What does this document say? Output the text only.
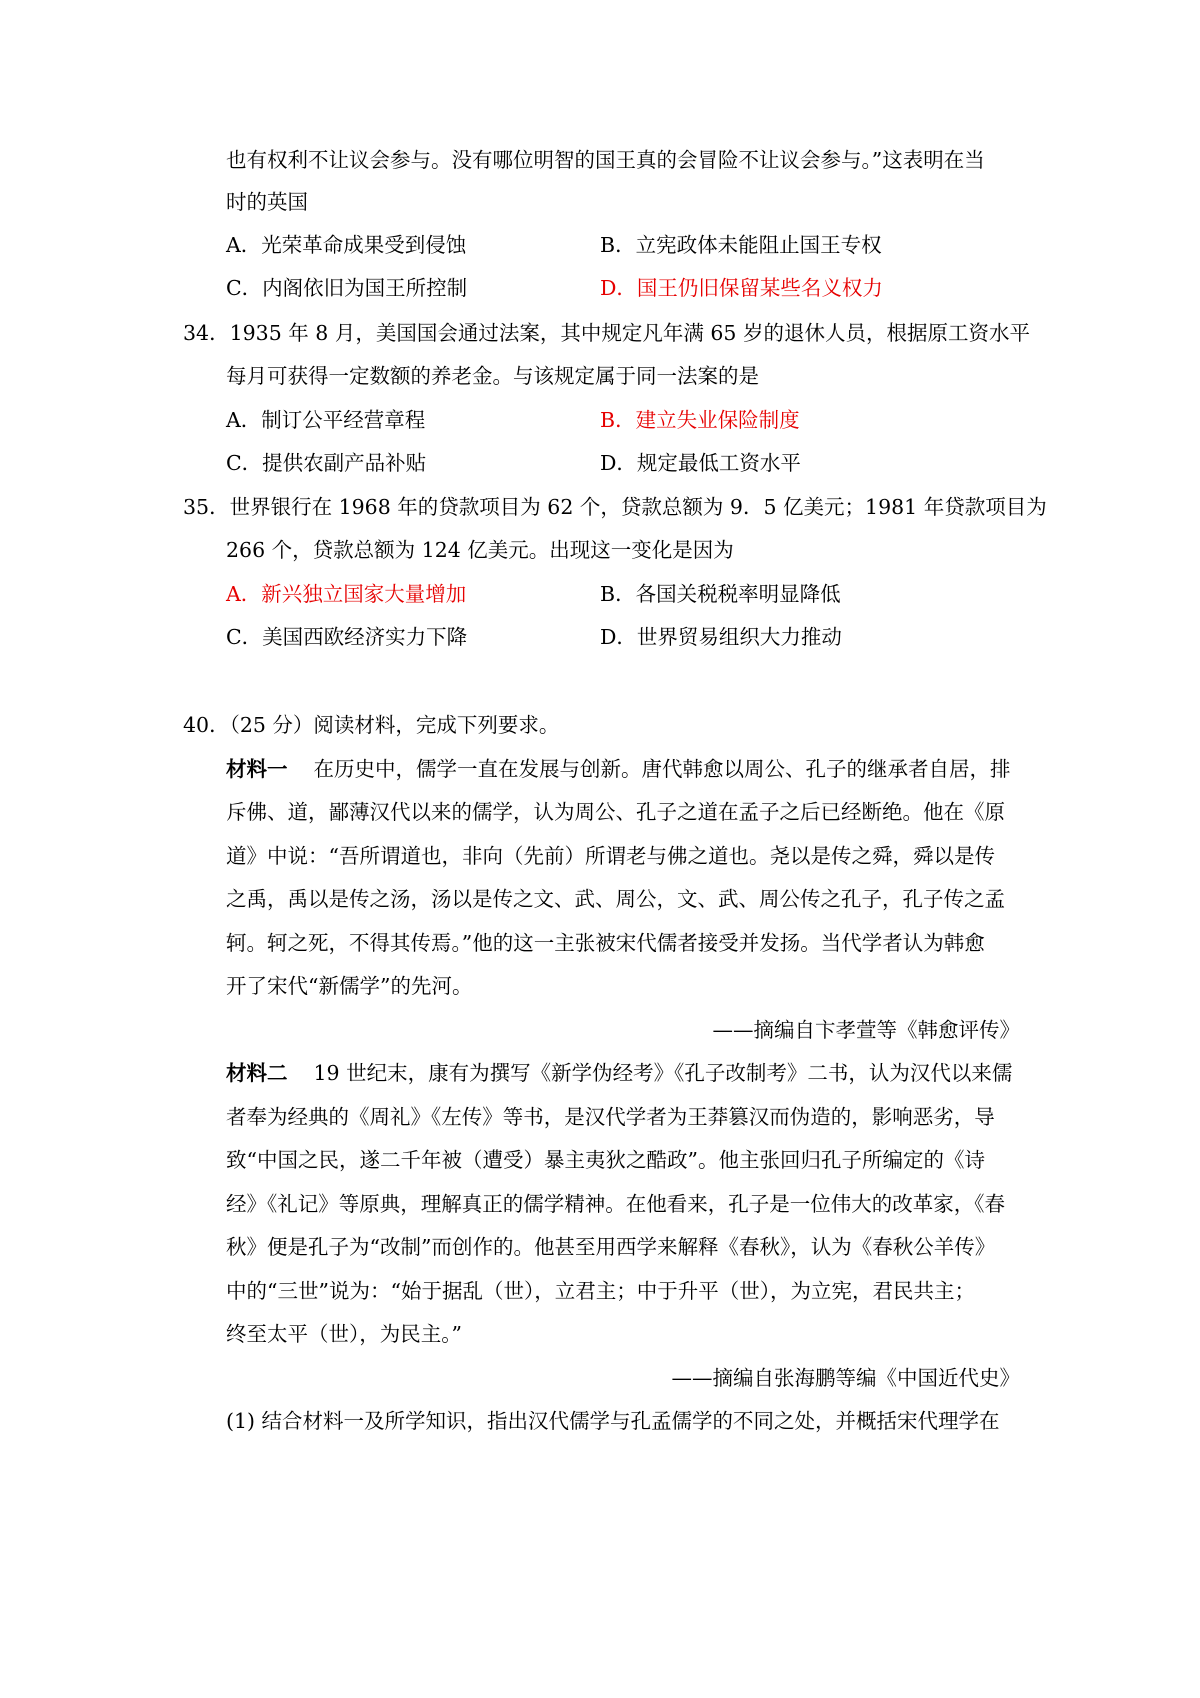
也有权利不让议会参与。没有哪位明智的国王真的会冒险不让议会参与。”这表明在当
时的英国
A．光荣革命成果受到侵蚀	B．立宪政体未能阻止国王专权
C．内阁依旧为国王所控制	D．国王仍旧保留某些名义权力
34．1935 年 8 月，美国国会通过法案，其中规定凡年满 65 岁的退休人员，根据原工资水平
每月可获得一定数额的养老金。与该规定属于同一法案的是
A．制订公平经营章程	B．建立失业保险制度
C．提供农副产品补贴	D．规定最低工资水平
35．世界银行在 1968 年的贷款项目为 62 个，贷款总额为 9．5 亿美元；1981 年贷款项目为
266 个，贷款总额为 124 亿美元。出现这一变化是因为
A．新兴独立国家大量增加	B．各国关税税率明显降低
C．美国西欧经济实力下降	D．世界贸易组织大力推动
40．（25 分）阅读材料，完成下列要求。
材料一 在历史中，儒学一直在发展与创新。唐代韩愈以周公、孔子的继承者自居，排
斥佛、道，鄙薄汉代以来的儒学，认为周公、孔子之道在孟子之后已经断绝。他在《原
道》中说：“吾所谓道也，非向（先前）所谓老与佛之道也。尧以是传之舜，舜以是传
之禹，禹以是传之汤，汤以是传之文、武、周公，文、武、周公传之孔子，孔子传之孟
轲。轲之死，不得其传焉。”他的这一主张被宋代儒者接受并发扬。当代学者认为韩愈
开了宋代“新儒学”的先河。
——摘编自卞孝萱等《韩愈评传》
材料二 19 世纪末，康有为撰写《新学伪经考》《孔子改制考》二书，认为汉代以来儒
者奉为经典的《周礼》《左传》等书，是汉代学者为王莽篡汉而伪造的，影响恶劣，导
致“中国之民，遂二千年被（遭受）暴主夷狄之酷政”。他主张回归孔子所编定的《诗
经》《礼记》等原典，理解真正的儒学精神。在他看来，孔子是一位伟大的改革家，《春
秋》便是孔子为“改制”而创作的。他甚至用西学来解释《春秋》，认为《春秋公羊传》
中的“三世”说为：“始于据乱（世），立君主；中于升平（世），为立宪，君民共主；
终至太平（世），为民主。”
——摘编自张海鹏等编《中国近代史》
(1) 结合材料一及所学知识，指出汉代儒学与孔孟儒学的不同之处，并概括宋代理学在
